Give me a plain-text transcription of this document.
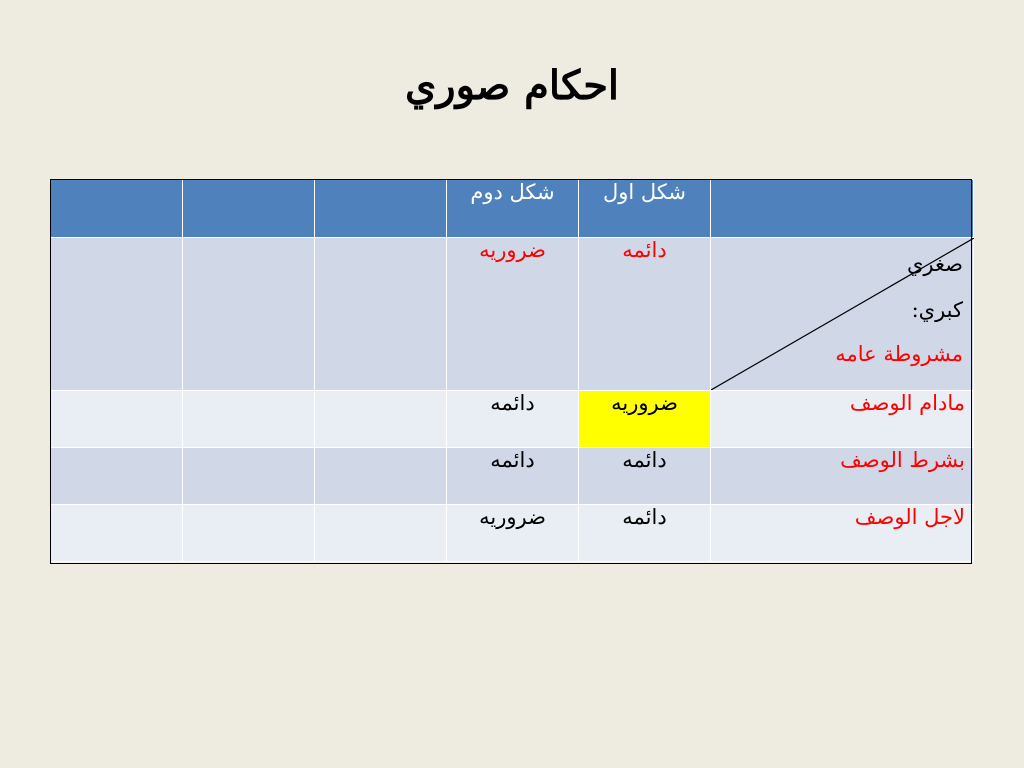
احكام صوري
	شكل اول	شكل دوم			

صغري
كبري:
مشروطة عامه	دائمه	ضروريه			
مادام الوصف	ضروريه	دائمه			
بشرط الوصف	دائمه	دائمه			
لاجل الوصف	دائمه	ضروريه			
